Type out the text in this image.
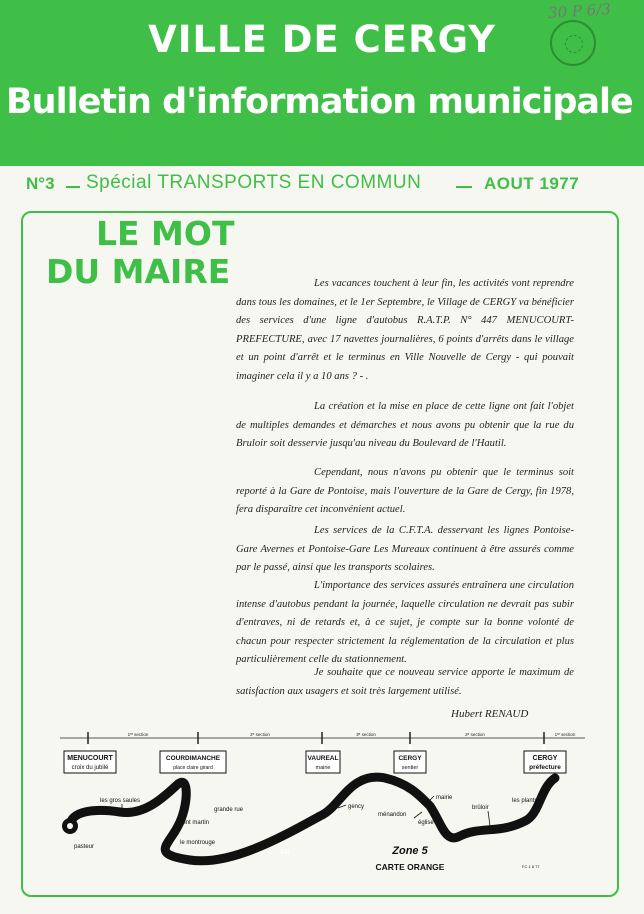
VILLE DE CERGY
Bulletin d'information municipale
30 P 6/3
N°3 Spécial TRANSPORTS EN COMMUN	AOUT 1977
LE MOT
DU MAIRE	Les vacances touchent à leur fin, les activités vont reprendre dans tous les domaines, et le 1er Septembre, le Village de CERGY va bénéficier des services d'une ligne d'autobus R.A.T.P. N° 447 MENUCOURT-PREFECTURE, avec 17 navettes journalières, 6 points d'arrêts dans le village et un point d'arrêt et le terminus en Ville Nouvelle de Cergy - qui pouvait imaginer cela il y a 10 ans ? - .

La création et la mise en place de cette ligne ont fait l'objet de multiples demandes et démarches et nous avons pu obtenir que la rue du Bruloir soit desservie jusqu'au niveau du Boulevard de l'Hautil.

Cependant, nous n'avons pu obtenir que le terminus soit reporté à la Gare de Pontoise, mais l'ouverture de la Gare de Cergy, fin 1978, fera disparaître cet inconvénient actuel.

Les services de la C.F.T.A. desservant les lignes Pontoise-Gare Avernes et Pontoise-Gare Les Mureaux continuent à être assurés comme par le passé, ainsi que les transports scolaires.

L'importance des services assurés entraînera une circulation intense d'autobus pendant la journée, laquelle circulation ne devrait pas subir d'entraves, ni de retards et, à ce sujet, je compte sur la bonne volonté de chacun pour respecter strictement la réglementation de la circulation et plus particulièrement celle du stationnement.

Je souhaite que ce nouveau service apporte le maximum de satisfaction aux usagers et soit très largement utilisé.

Hubert RENAUD
1ʳᵉ section	2ᵉ section	3ᵉ section	2ᵉ section	1ʳᵉ section
MENUCOURT
croix du jubilé
COURDIMANCHE
place claire girard
VAUREAL
mairie
CERGY
sentier
CERGY
préfecture
les gros saules
saint martin
grande rue
le montrouge
pasteur
gency
ménandon
mairie
église
brûloir
les plants
447	Zone 5
CARTE ORANGE	FC 1 8 77
